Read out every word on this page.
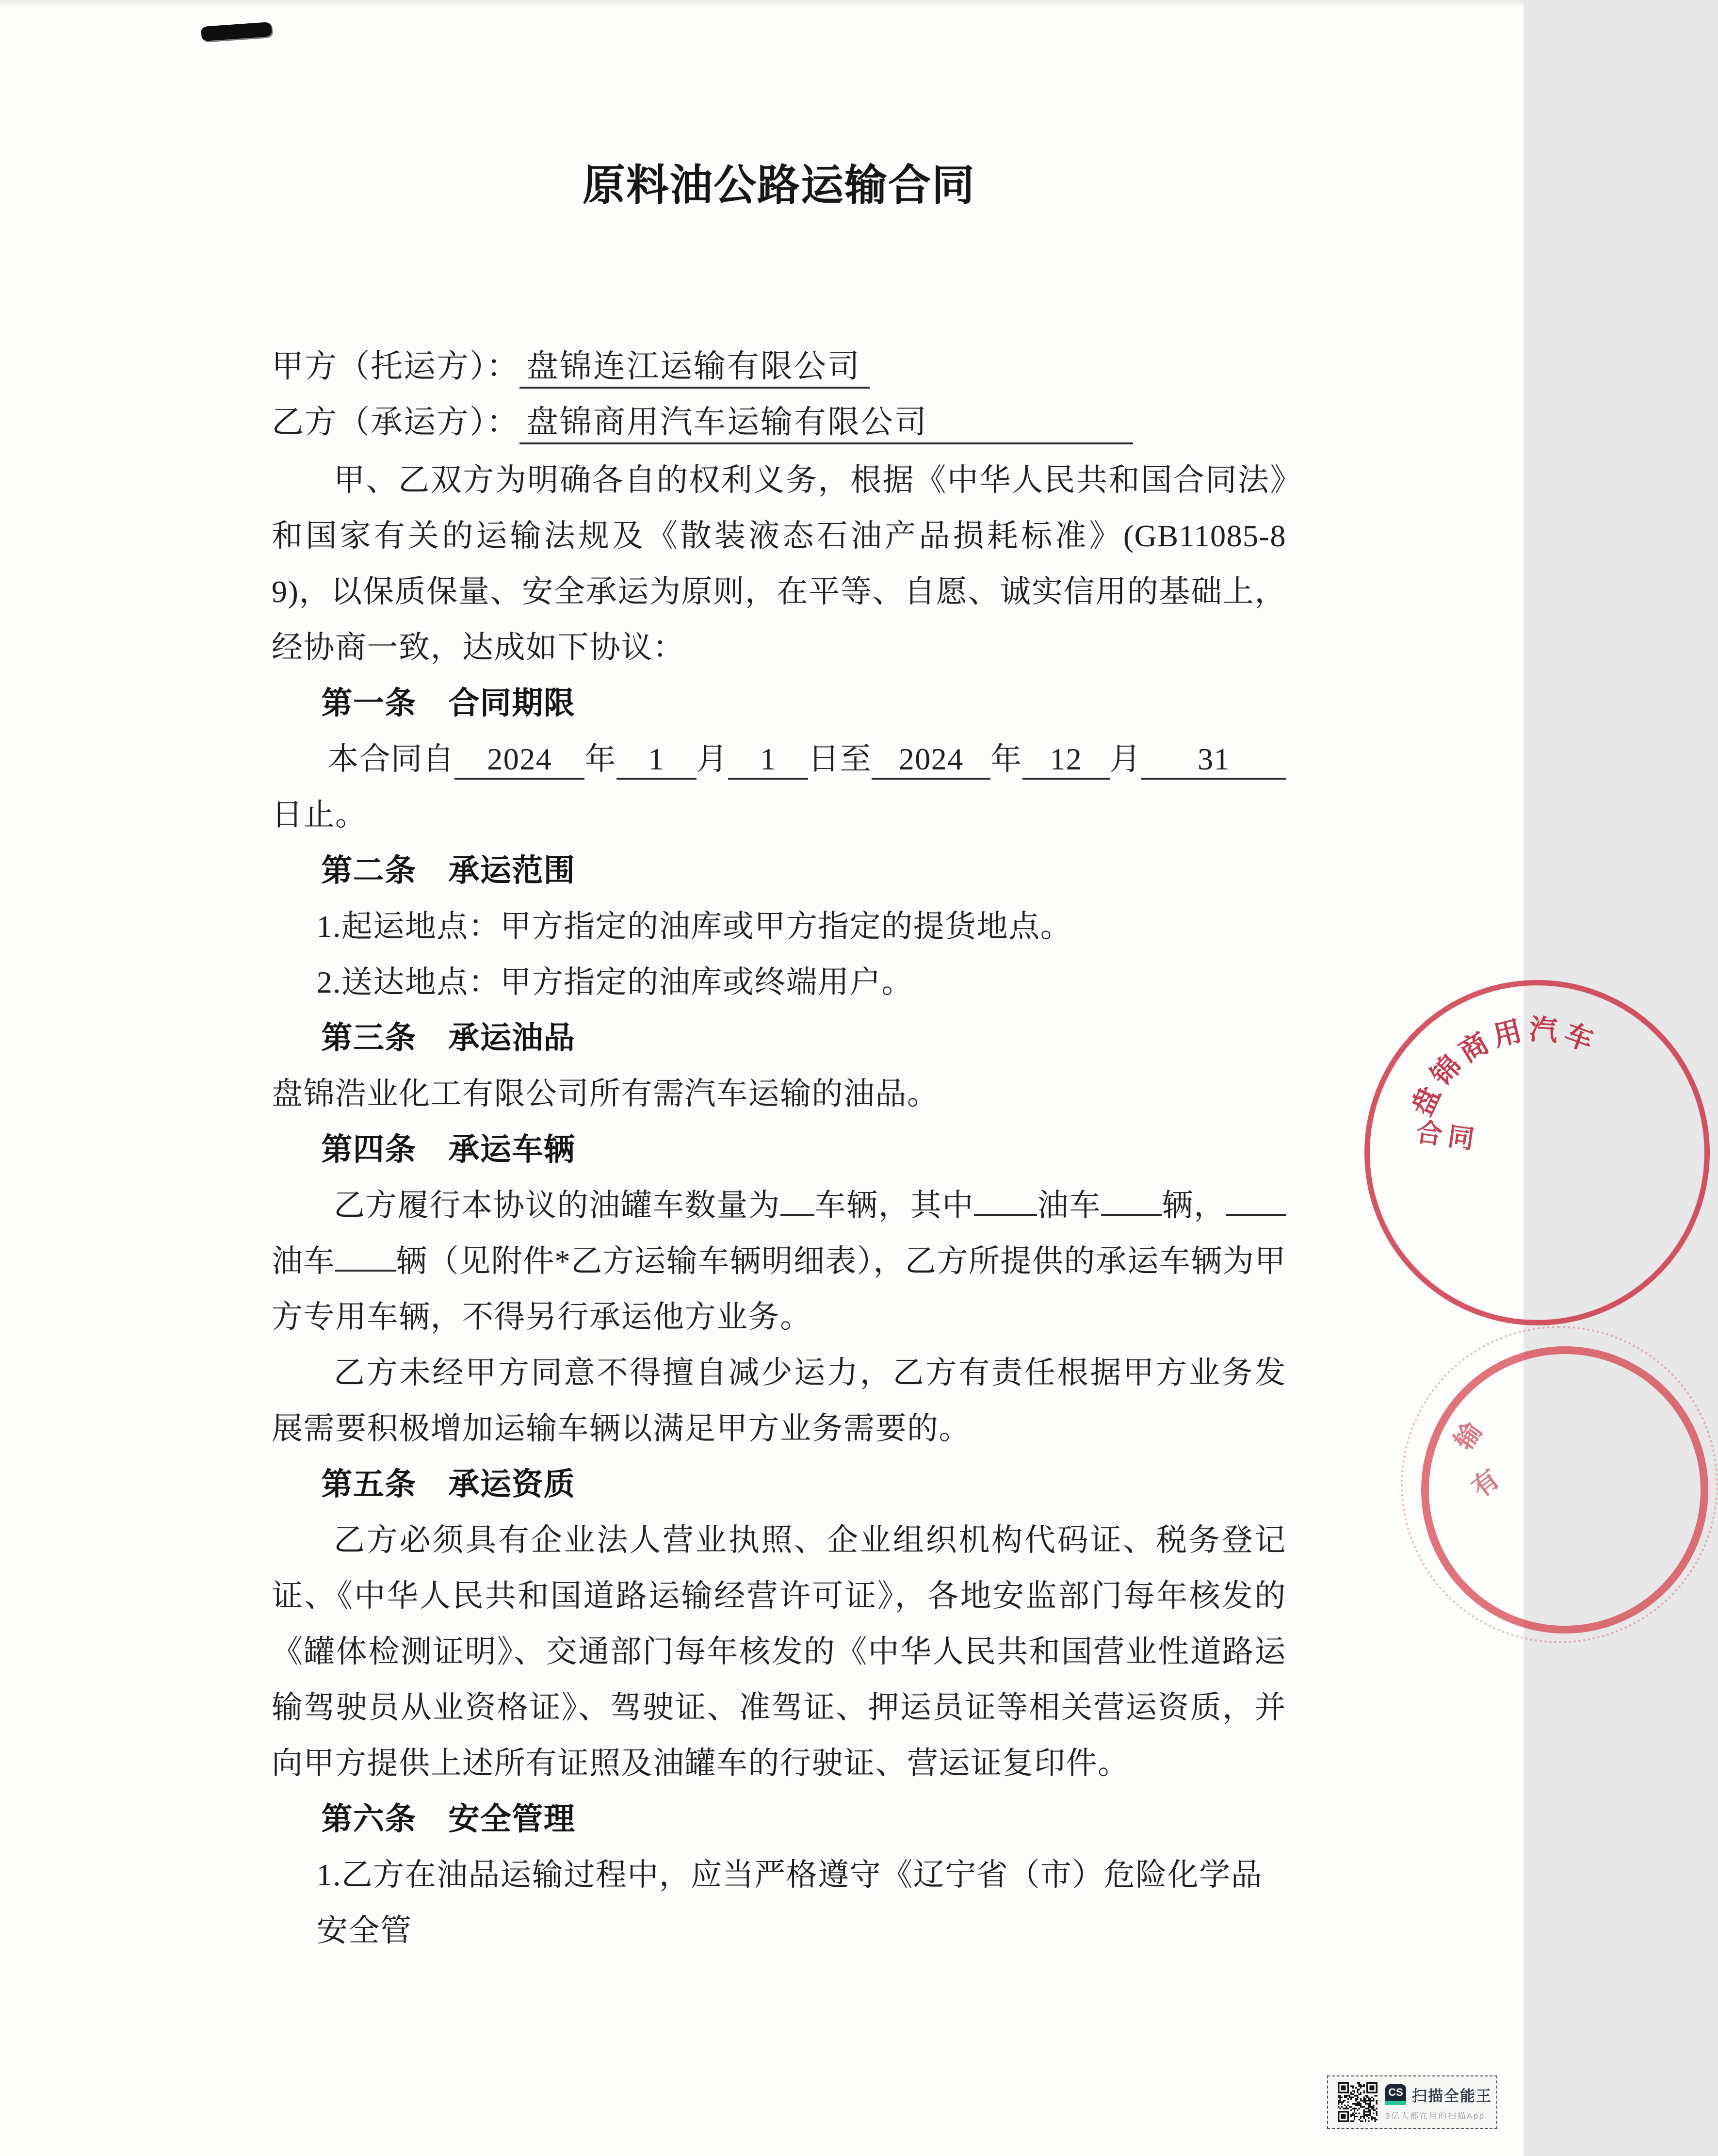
原料油公路运输合同
甲方（托运方）： 盘锦连江运输有限公司
乙方（承运方）： 盘锦商用汽车运输有限公司
甲、乙双方为明确各自的权利义务，根据《中华人民共和国合同法》和国家有关的运输法规及《散装液态石油产品损耗标准》(GB11085-89)，以保质保量、安全承运为原则，在平等、自愿、诚实信用的基础上，经协商一致，达成如下协议：
第一条　合同期限
本合同自	2024	年	1	月	1	日至 2024 年 12 月	31
日止。
第二条　承运范围
1.起运地点：甲方指定的油库或甲方指定的提货地点。
2.送达地点：甲方指定的油库或终端用户。
第三条　承运油品
盘锦浩业化工有限公司所有需汽车运输的油品。
第四条　承运车辆
乙方履行本协议的油罐车数量为 车辆，其中 油车 辆，油车 辆（见附件*乙方运输车辆明细表），乙方所提供的承运车辆为甲方专用车辆，不得另行承运他方业务。
乙方未经甲方同意不得擅自减少运力，乙方有责任根据甲方业务发展需要积极增加运输车辆以满足甲方业务需要的。
第五条　承运资质
乙方必须具有企业法人营业执照、企业组织机构代码证、税务登记证、《中华人民共和国道路运输经营许可证》，各地安监部门每年核发的《罐体检测证明》、交通部门每年核发的《中华人民共和国营业性道路运输驾驶员从业资格证》、驾驶证、准驾证、押运员证等相关营运资质，并向甲方提供上述所有证照及油罐车的行驶证、营运证复印件。
第六条　安全管理
1.乙方在油品运输过程中，应当严格遵守《辽宁省（市）危险化学品安全管
盘
锦
商
用 汽 车
合同
输
有
CS 扫描全能王
3亿人都在用的扫描App
